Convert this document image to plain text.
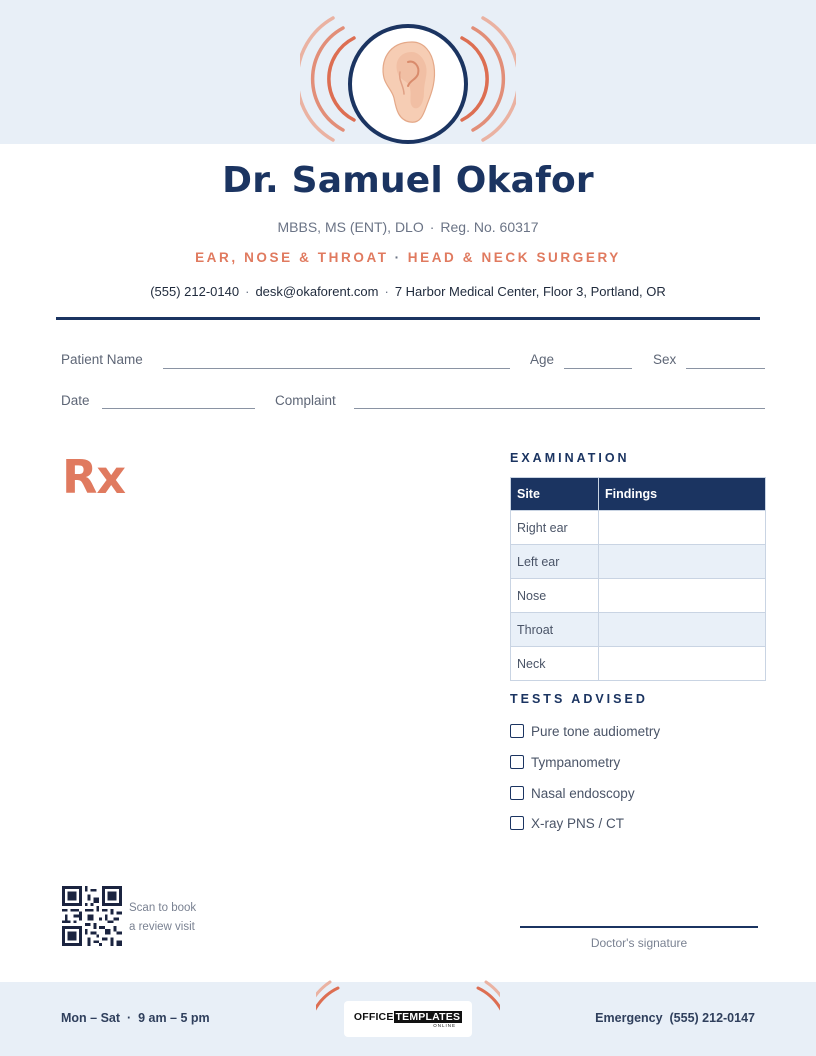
Dr. Samuel Okafor
MBBS, MS (ENT), DLO · Reg. No. 60317
EAR, NOSE & THROAT · HEAD & NECK SURGERY
(555) 212-0140 · desk@okaforent.com · 7 Harbor Medical Center, Floor 3, Portland, OR
Patient Name	Age	Sex
Date	Complaint
Rx	EXAMINATION
Site	Findings
Right ear	
Left ear	
Nose	
Throat	
Neck	
TESTS ADVISED
Pure tone audiometry
Tympanometry
Nasal endoscopy
X-ray PNS / CT
Scan to book
a review visit
Doctor's signature
OFFICE TEMPLATES
ONLINE
Mon – Sat  ·  9 am – 5 pm	Emergency  (555) 212-0147
